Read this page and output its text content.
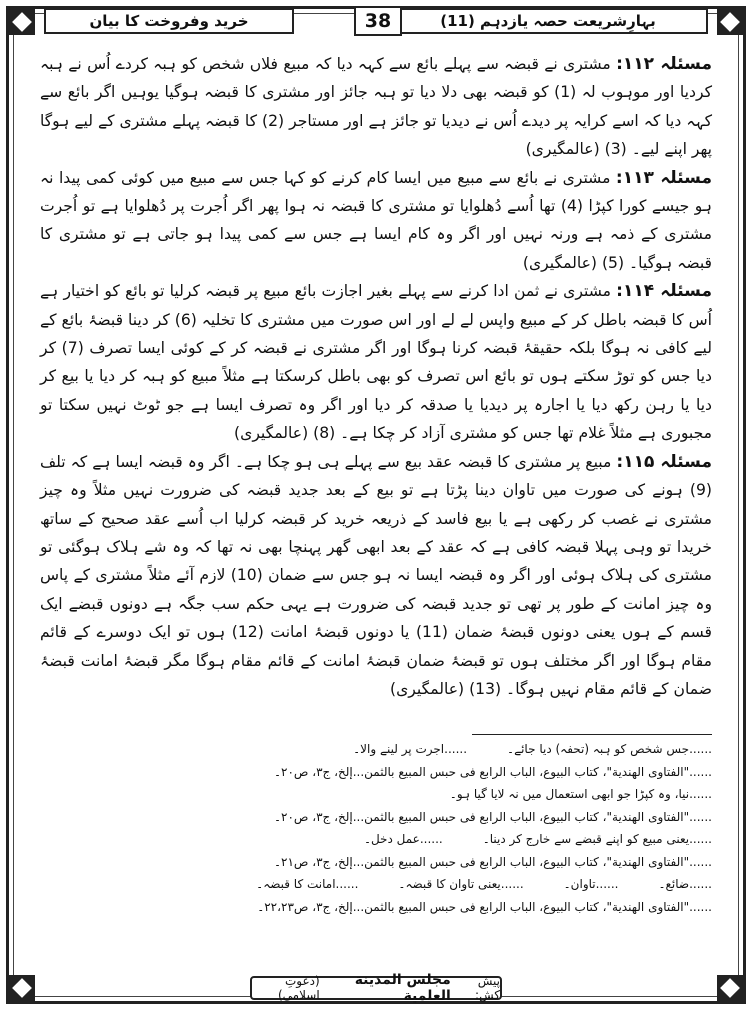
بہارِشریعت حصہ یازدہم (11)
38
خرید وفروخت کا بیان

مسئلہ ۱۱۲: مشتری نے قبضہ سے پہلے بائع سے کہہ دیا کہ مبیع فلاں شخص کو ہبہ کردے اُس نے ہبہ کردیا اور موہوب لہ (1) کو قبضہ بھی دلا دیا تو ہبہ جائز اور مشتری کا قبضہ ہوگیا یوہیں اگر بائع سے کہہ دیا کہ اسے کرایہ پر دیدے اُس نے دیدیا تو جائز ہے اور مستاجر (2) کا قبضہ پہلے مشتری کے لیے ہوگا پھر اپنے لیے۔ (3) (عالمگیری)

مسئلہ ۱۱۳: مشتری نے بائع سے مبیع میں ایسا کام کرنے کو کہا جس سے مبیع میں کوئی کمی پیدا نہ ہو جیسے کورا کپڑا (4) تھا اُسے دُھلوایا تو مشتری کا قبضہ نہ ہوا پھر اگر اُجرت پر دُھلوایا ہے تو اُجرت مشتری کے ذمہ ہے ورنہ نہیں اور اگر وہ کام ایسا ہے جس سے کمی پیدا ہو جاتی ہے تو مشتری کا قبضہ ہوگیا۔ (5) (عالمگیری)

مسئلہ ۱۱۴: مشتری نے ثمن ادا کرنے سے پہلے بغیر اجازت بائع مبیع پر قبضہ کرلیا تو بائع کو اختیار ہے اُس کا قبضہ باطل کر کے مبیع واپس لے لے اور اس صورت میں مشتری کا تخلیہ (6) کر دینا قبضۂ بائع کے لیے کافی نہ ہوگا بلکہ حقیقۂ قبضہ کرنا ہوگا اور اگر مشتری نے قبضہ کر کے کوئی ایسا تصرف (7) کر دیا جس کو توڑ سکتے ہوں تو بائع اس تصرف کو بھی باطل کرسکتا ہے مثلاً مبیع کو ہبہ کر دیا یا بیع کر دیا یا رہن رکھ دیا یا اجارہ پر دیدیا یا صدقہ کر دیا اور اگر وہ تصرف ایسا ہے جو ٹوٹ نہیں سکتا تو مجبوری ہے مثلاً غلام تھا جس کو مشتری آزاد کر چکا ہے۔ (8) (عالمگیری)

مسئلہ ۱۱۵: مبیع پر مشتری کا قبضہ عقد بیع سے پہلے ہی ہو چکا ہے۔ اگر وہ قبضہ ایسا ہے کہ تلف (9) ہونے کی صورت میں تاوان دینا پڑتا ہے تو بیع کے بعد جدید قبضہ کی ضرورت نہیں مثلاً وہ چیز مشتری نے غصب کر رکھی ہے یا بیع فاسد کے ذریعہ خرید کر قبضہ کرلیا اب اُسے عقد صحیح کے ساتھ خریدا تو وہی پہلا قبضہ کافی ہے کہ عقد کے بعد ابھی گھر پہنچا بھی نہ تھا کہ وہ شے ہلاک ہوگئی تو مشتری کی ہلاک ہوئی اور اگر وہ قبضہ ایسا نہ ہو جس سے ضمان (10) لازم آئے مثلاً مشتری کے پاس وہ چیز امانت کے طور پر تھی تو جدید قبضہ کی ضرورت ہے یہی حکم سب جگہ ہے دونوں قبضے ایک قسم کے ہوں یعنی دونوں قبضۂ ضمان (11) یا دونوں قبضۂ امانت (12) ہوں تو ایک دوسرے کے قائم مقام ہوگا اور اگر مختلف ہوں تو قبضۂ ضمان قبضۂ امانت کے قائم مقام ہوگا مگر قبضۂ امانت قبضۂ ضمان کے قائم مقام نہیں ہوگا۔ (13) (عالمگیری)

......جس شخص کو ہبہ (تحفہ) دیا جائے۔
......اجرت پر لینے والا۔
......"الفتاوی الھندیة"، کتاب البیوع، الباب الرابع فی حبس المبیع بالثمن...إلخ، ج۳، ص۲۰۔
......نیا، وہ کپڑا جو ابھی استعمال میں نہ لایا گیا ہو۔
......"الفتاوی الھندیة"، کتاب البیوع، الباب الرابع فی حبس المبیع بالثمن...إلخ، ج۳، ص۲۰۔
......یعنی مبیع کو اپنے قبضے سے خارج کر دینا۔
......عمل دخل۔
......"الفتاوی الھندیة"، کتاب البیوع، الباب الرابع فی حبس المبیع بالثمن...إلخ، ج۳، ص۲۱۔
......ضائع۔
......تاوان۔
......یعنی تاوان کا قبضہ۔
......امانت کا قبضہ۔
......"الفتاوی الھندیة"، کتاب البیوع، الباب الرابع فی حبس المبیع بالثمن...إلخ، ج۳، ص۲۲،۲۳۔
پیش کش:
مجلس المدینة العلمیة
(دعوتِ اسلامی)
